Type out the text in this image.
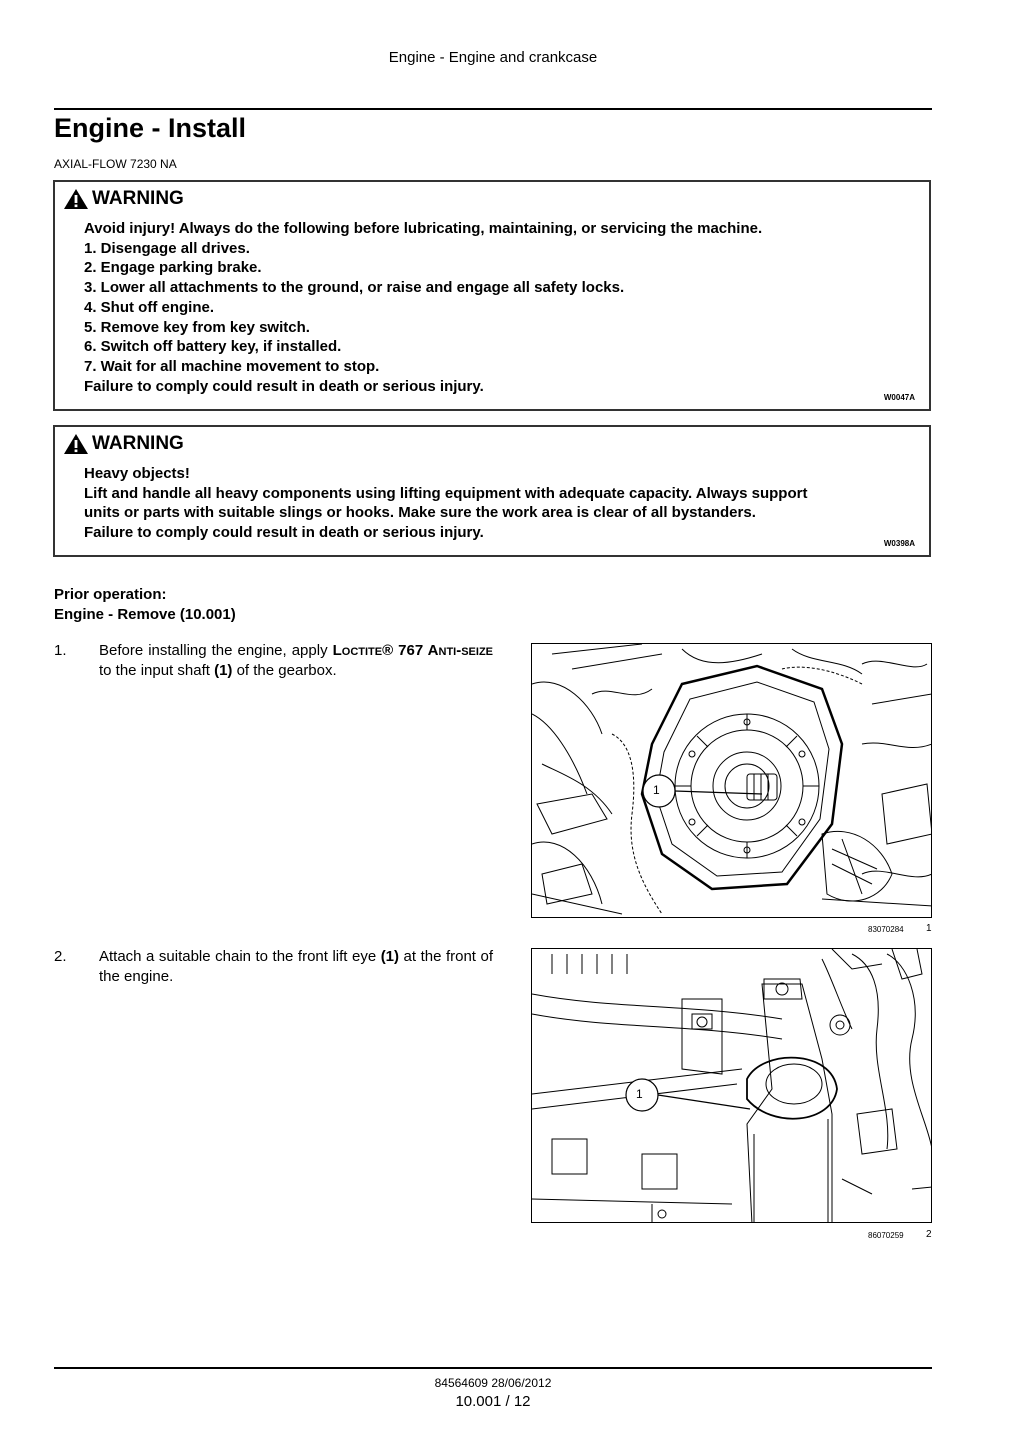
Engine - Engine and crankcase
Engine - Install
AXIAL-FLOW 7230 NA
WARNING
Avoid injury! Always do the following before lubricating, maintaining, or servicing the machine.
1. Disengage all drives.
2. Engage parking brake.
3. Lower all attachments to the ground, or raise and engage all safety locks.
4. Shut off engine.
5. Remove key from key switch.
6. Switch off battery key, if installed.
7. Wait for all machine movement to stop.
Failure to comply could result in death or serious injury.
W0047A
WARNING
Heavy objects!
Lift and handle all heavy components using lifting equipment with adequate capacity. Always support
units or parts with suitable slings or hooks. Make sure the work area is clear of all bystanders.
Failure to comply could result in death or serious injury.
W0398A
Prior operation:
Engine - Remove (10.001)
1. Before installing the engine, apply Loctite® 767 Anti-seize to the input shaft (1) of the gearbox.
1
83070284 1
2. Attach a suitable chain to the front lift eye (1) at the front of the engine.
1
86070259 2
84564609 28/06/2012
10.001 / 12
